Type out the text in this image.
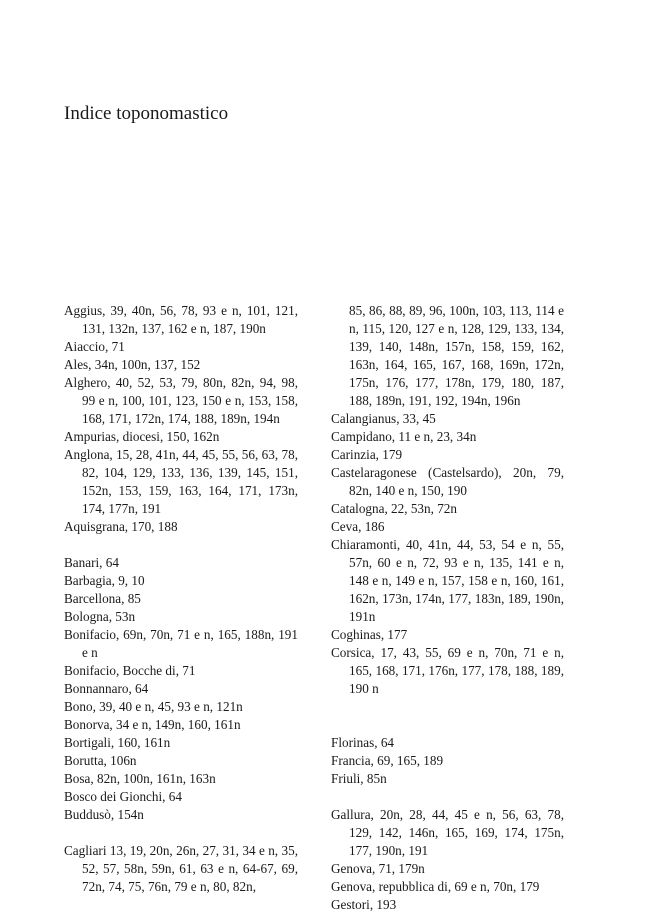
Indice toponomastico
Aggius, 39, 40n, 56, 78, 93 e n, 101, 121, 131, 132n, 137, 162 e n, 187, 190n
Aiaccio, 71
Ales, 34n, 100n, 137, 152
Alghero, 40, 52, 53, 79, 80n, 82n, 94, 98, 99 e n, 100, 101, 123, 150 e n, 153, 158, 168, 171, 172n, 174, 188, 189n, 194n
Ampurias, diocesi, 150, 162n
Anglona, 15, 28, 41n, 44, 45, 55, 56, 63, 78, 82, 104, 129, 133, 136, 139, 145, 151, 152n, 153, 159, 163, 164, 171, 173n, 174, 177n, 191
Aquisgrana, 170, 188
Banari, 64
Barbagia, 9, 10
Barcellona, 85
Bologna, 53n
Bonifacio, 69n, 70n, 71 e n, 165, 188n, 191 e n
Bonifacio, Bocche di, 71
Bonnannaro, 64
Bono, 39, 40 e n, 45, 93 e n, 121n
Bonorva, 34 e n, 149n, 160, 161n
Bortigali, 160, 161n
Borutta, 106n
Bosa, 82n, 100n, 161n, 163n
Bosco dei Gionchi, 64
Buddusò, 154n
Cagliari 13, 19, 20n, 26n, 27, 31, 34 e n, 35, 52, 57, 58n, 59n, 61, 63 e n, 64-67, 69, 72n, 74, 75, 76n, 79 e n, 80, 82n,
85, 86, 88, 89, 96, 100n, 103, 113, 114 e n, 115, 120, 127 e n, 128, 129, 133, 134, 139, 140, 148n, 157n, 158, 159, 162, 163n, 164, 165, 167, 168, 169n, 172n, 175n, 176, 177, 178n, 179, 180, 187, 188, 189n, 191, 192, 194n, 196n
Calangianus, 33, 45
Campidano, 11 e n, 23, 34n
Carinzia, 179
Castelaragonese (Castelsardo), 20n, 79, 82n, 140 e n, 150, 190
Catalogna, 22, 53n, 72n
Ceva, 186
Chiaramonti, 40, 41n, 44, 53, 54 e n, 55, 57n, 60 e n, 72, 93 e n, 135, 141 e n, 148 e n, 149 e n, 157, 158 e n, 160, 161, 162n, 173n, 174n, 177, 183n, 189, 190n, 191n
Coghinas, 177
Corsica, 17, 43, 55, 69 e n, 70n, 71 e n, 165, 168, 171, 176n, 177, 178, 188, 189, 190 n
Florinas, 64
Francia, 69, 165, 189
Friuli, 85n
Gallura, 20n, 28, 44, 45 e n, 56, 63, 78, 129, 142, 146n, 165, 169, 174, 175n, 177, 190n, 191
Genova, 71, 179n
Genova, repubblica di, 69 e n, 70n, 179
Gestori, 193
